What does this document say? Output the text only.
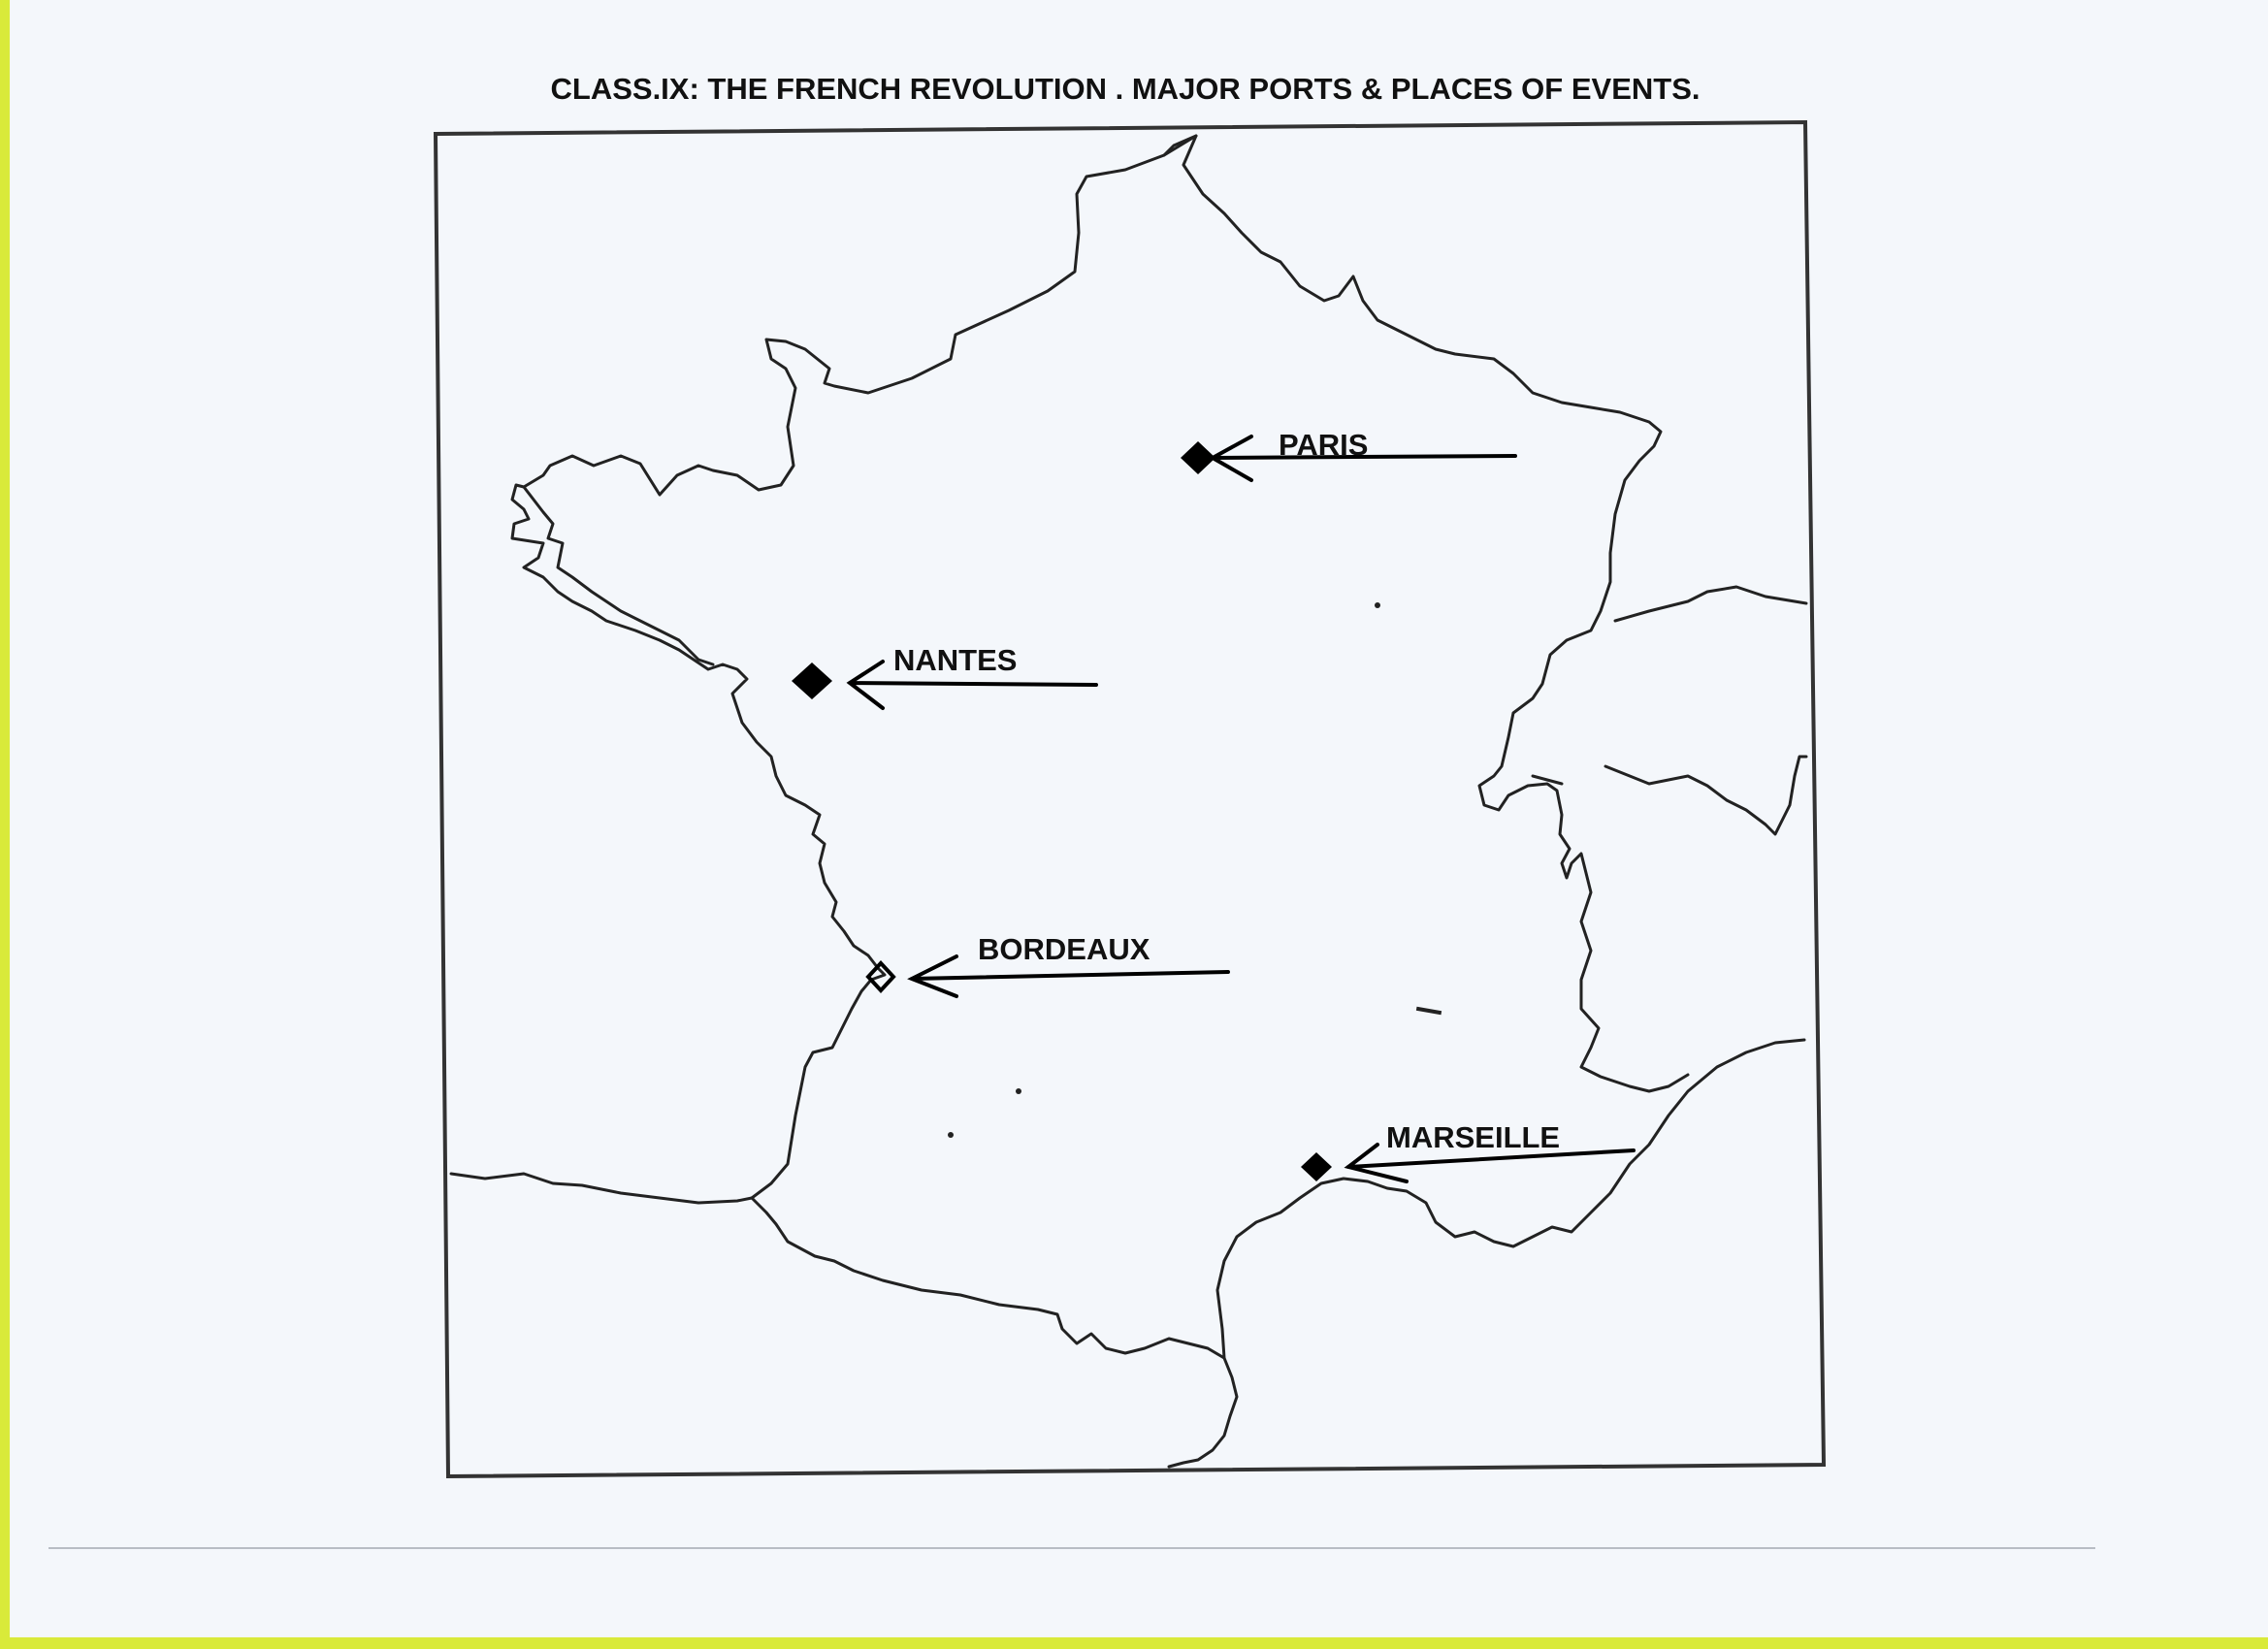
CLASS.IX: THE FRENCH REVOLUTION . MAJOR PORTS & PLACES OF EVENTS.
PARIS
NANTES
BORDEAUX
MARSEILLE
